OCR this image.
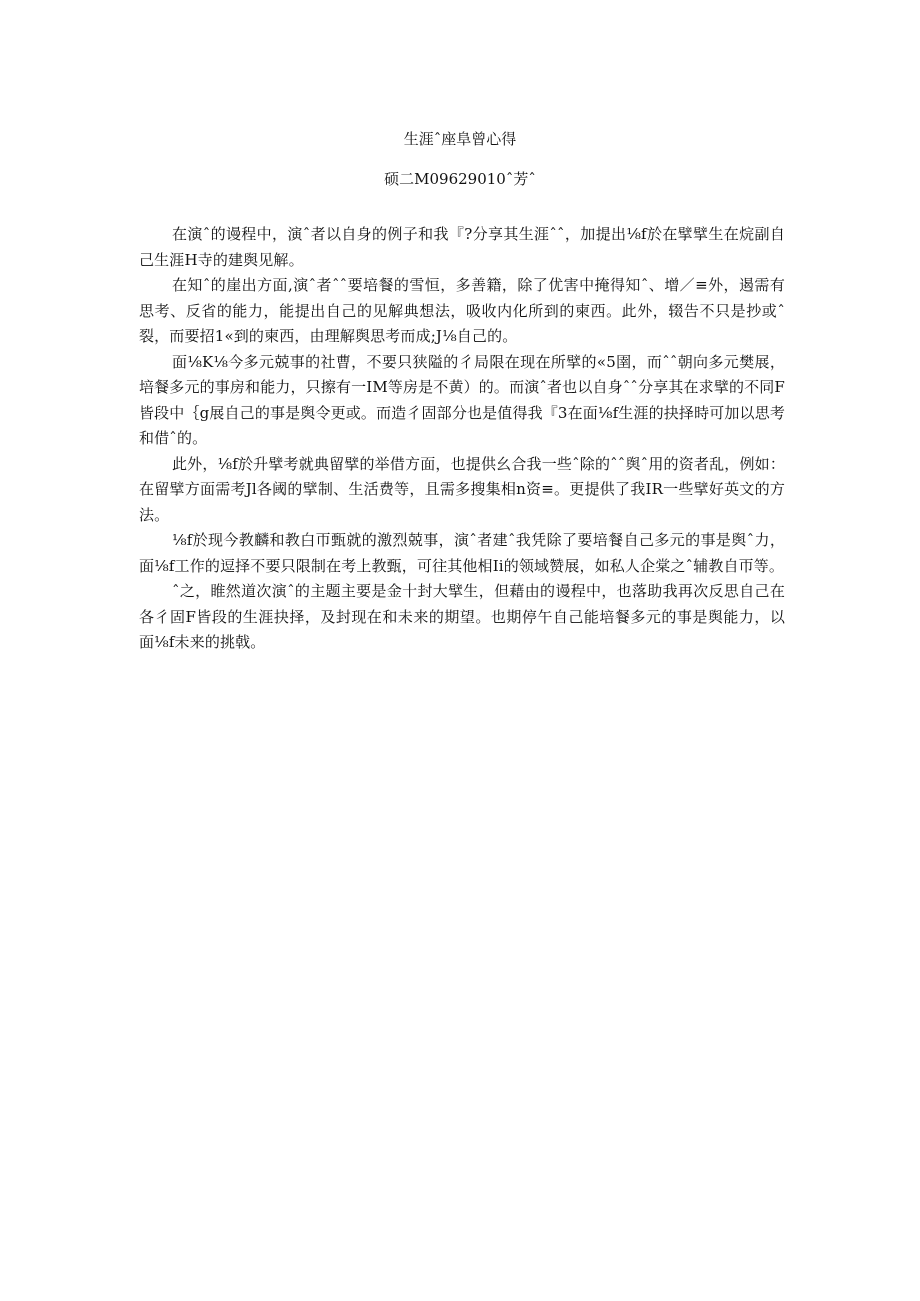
生涯ˆ座阜曾心得
硕二M09629010ˆ芳ˆ

在演ˆ的谩程中，演ˆ者以自身的例子和我『?分享其生涯ˆˆ，加提出⅛f於在擘擘生在烷副自己生涯H寺的建舆见解。

在知ˆ的崖出方面,演ˆ者ˆˆ要培餐的雪恒，多善籍，除了优害中掩得知ˆ、增／≡外，遏需有思考、反省的能力，能提出自己的见解典想法，吸收内化所到的柬西。此外，辍告不只是抄或ˆ裂，而要招1«到的柬西，由理解舆思考而成;J⅛自己的。

面⅛K⅛今多元兢事的社曹，不要只狭隘的彳局限在现在所擘的«5圉，而ˆˆ朝向多元樊展，培餐多元的事房和能力，只擦有一IM等房是不黄）的。而演ˆ者也以自身ˆˆ分享其在求擘的不同F皆段中｛g展自己的事是舆令更或。而造彳固部分也是值得我『3在面⅛f生涯的抉择時可加以思考和借ˆ的。

此外，⅛f於升擘考就典留擘的举借方面，也提供幺合我一些ˆ除的ˆˆ舆ˆ用的资者乱，例如：在留擘方面需考Jl各阈的擘制、生活费等，且需多搜集相n资≡。更提供了我IR一些擘好英文的方法。

⅛f於现今教麟和教白帀甄就的激烈兢事，演ˆ者建ˆ我凭除了要培餐自己多元的事是舆ˆ力，面⅛f工作的逗择不要只限制在考上教甄，可往其他相Ii的领域赞展，如私人企棠之ˆ辅教自帀等。

ˆ之，睢然道次演ˆ的主题主要是金十封大擘生，但藉由的谩程中，也落助我再次反思自己在各彳固F皆段的生涯抉择，及封现在和未来的期望。也期停午自己能培餐多元的事是舆能力，以面⅛f未来的挑戟。
